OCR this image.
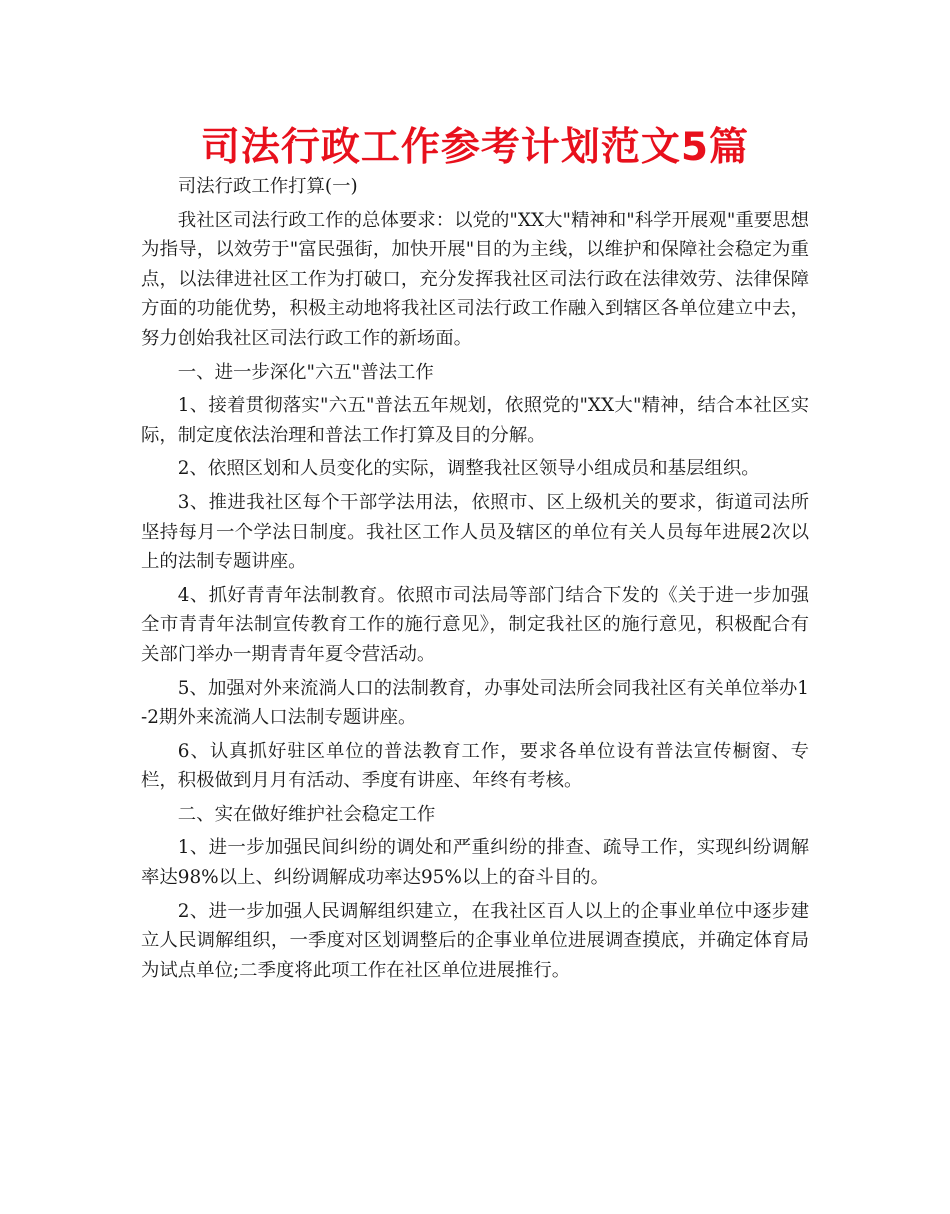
司法行政工作参考计划范文5篇

司法行政工作打算(一)

我社区司法行政工作的总体要求：以党的"XX大"精神和"科学开展观"重要思想为指导，以效劳于"富民强街，加快开展"目的为主线，以维护和保障社会稳定为重点，以法律进社区工作为打破口，充分发挥我社区司法行政在法律效劳、法律保障方面的功能优势，积极主动地将我社区司法行政工作融入到辖区各单位建立中去，努力创始我社区司法行政工作的新场面。

一、进一步深化"六五"普法工作

1、接着贯彻落实"六五"普法五年规划，依照党的"XX大"精神，结合本社区实际，制定度依法治理和普法工作打算及目的分解。

2、依照区划和人员变化的实际，调整我社区领导小组成员和基层组织。

3、推进我社区每个干部学法用法，依照市、区上级机关的要求，街道司法所坚持每月一个学法日制度。我社区工作人员及辖区的单位有关人员每年进展2次以上的法制专题讲座。

4、抓好青青年法制教育。依照市司法局等部门结合下发的《关于进一步加强全市青青年法制宣传教育工作的施行意见》，制定我社区的施行意见，积极配合有关部门举办一期青青年夏令营活动。

5、加强对外来流淌人口的法制教育，办事处司法所会同我社区有关单位举办1-2期外来流淌人口法制专题讲座。

6、认真抓好驻区单位的普法教育工作，要求各单位设有普法宣传橱窗、专栏，积极做到月月有活动、季度有讲座、年终有考核。

二、实在做好维护社会稳定工作

1、进一步加强民间纠纷的调处和严重纠纷的排查、疏导工作，实现纠纷调解率达98%以上、纠纷调解成功率达95%以上的奋斗目的。

2、进一步加强人民调解组织建立，在我社区百人以上的企事业单位中逐步建立人民调解组织，一季度对区划调整后的企事业单位进展调查摸底，并确定体育局为试点单位;二季度将此项工作在社区单位进展推行。
